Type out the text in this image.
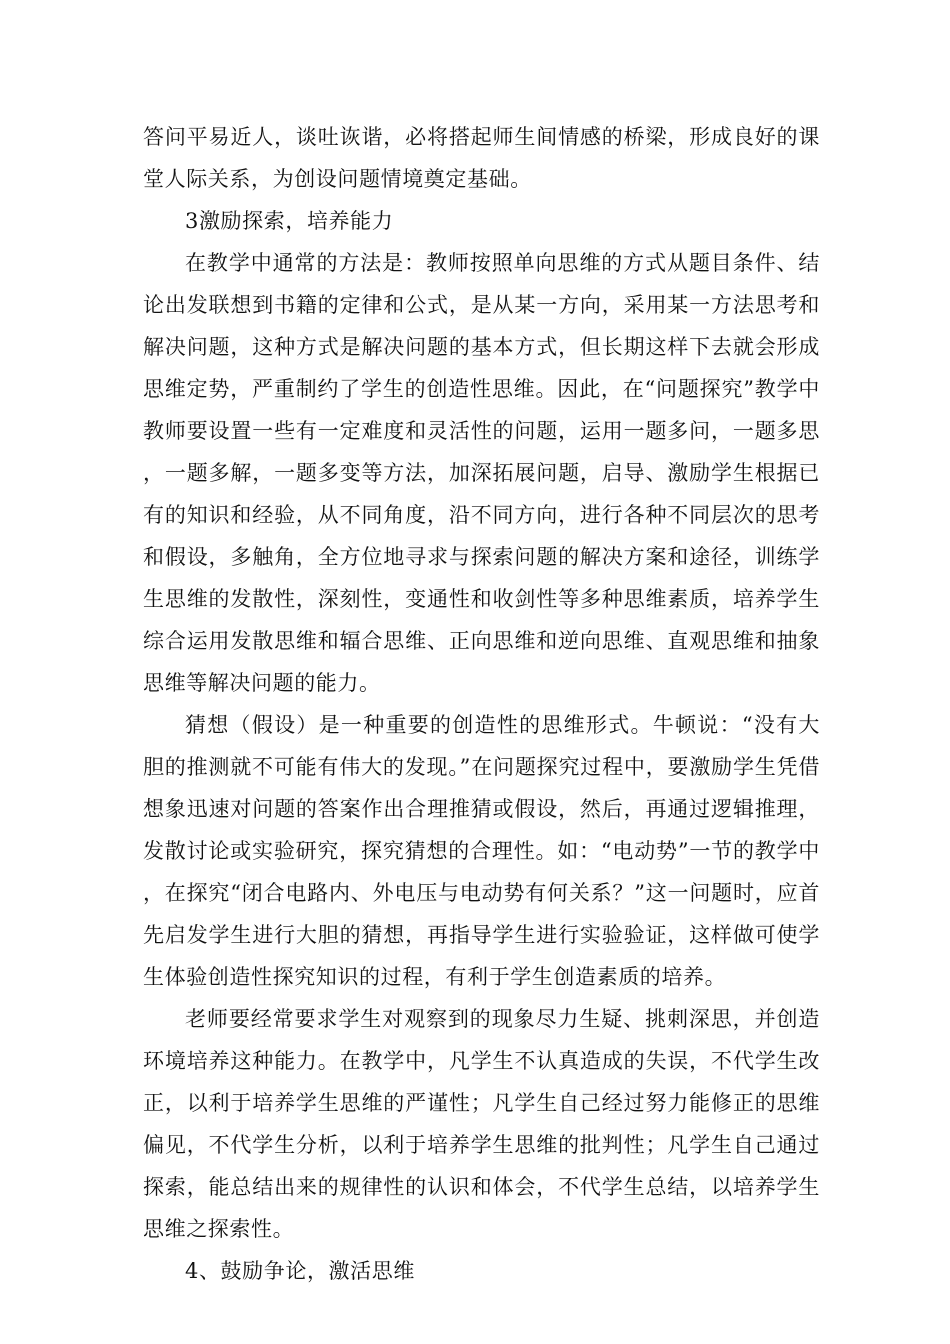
答问平易近人，谈吐诙谐，必将搭起师生间情感的桥梁，形成良好的课堂人际关系，为创设问题情境奠定基础。

3激励探索，培养能力

在教学中通常的方法是：教师按照单向思维的方式从题目条件、结论出发联想到书籍的定律和公式，是从某一方向，采用某一方法思考和解决问题，这种方式是解决问题的基本方式，但长期这样下去就会形成思维定势，严重制约了学生的创造性思维。因此，在“问题探究”教学中教师要设置一些有一定难度和灵活性的问题，运用一题多问，一题多思，一题多解，一题多变等方法，加深拓展问题，启导、激励学生根据已有的知识和经验，从不同角度，沿不同方向，进行各种不同层次的思考和假设，多触角，全方位地寻求与探索问题的解决方案和途径，训练学生思维的发散性，深刻性，变通性和收剑性等多种思维素质，培养学生综合运用发散思维和辐合思维、正向思维和逆向思维、直观思维和抽象思维等解决问题的能力。

猜想（假设）是一种重要的创造性的思维形式。牛顿说：“没有大胆的推测就不可能有伟大的发现。”在问题探究过程中，要激励学生凭借想象迅速对问题的答案作出合理推猜或假设，然后，再通过逻辑推理，发散讨论或实验研究，探究猜想的合理性。如：“电动势”一节的教学中，在探究“闭合电路内、外电压与电动势有何关系？”这一问题时，应首先启发学生进行大胆的猜想，再指导学生进行实验验证，这样做可使学生体验创造性探究知识的过程，有利于学生创造素质的培养。

老师要经常要求学生对观察到的现象尽力生疑、挑刺深思，并创造环境培养这种能力。在教学中，凡学生不认真造成的失误，不代学生改正，以利于培养学生思维的严谨性；凡学生自己经过努力能修正的思维偏见，不代学生分析，以利于培养学生思维的批判性；凡学生自己通过探索，能总结出来的规律性的认识和体会，不代学生总结，以培养学生思维之探索性。

4、鼓励争论，激活思维
